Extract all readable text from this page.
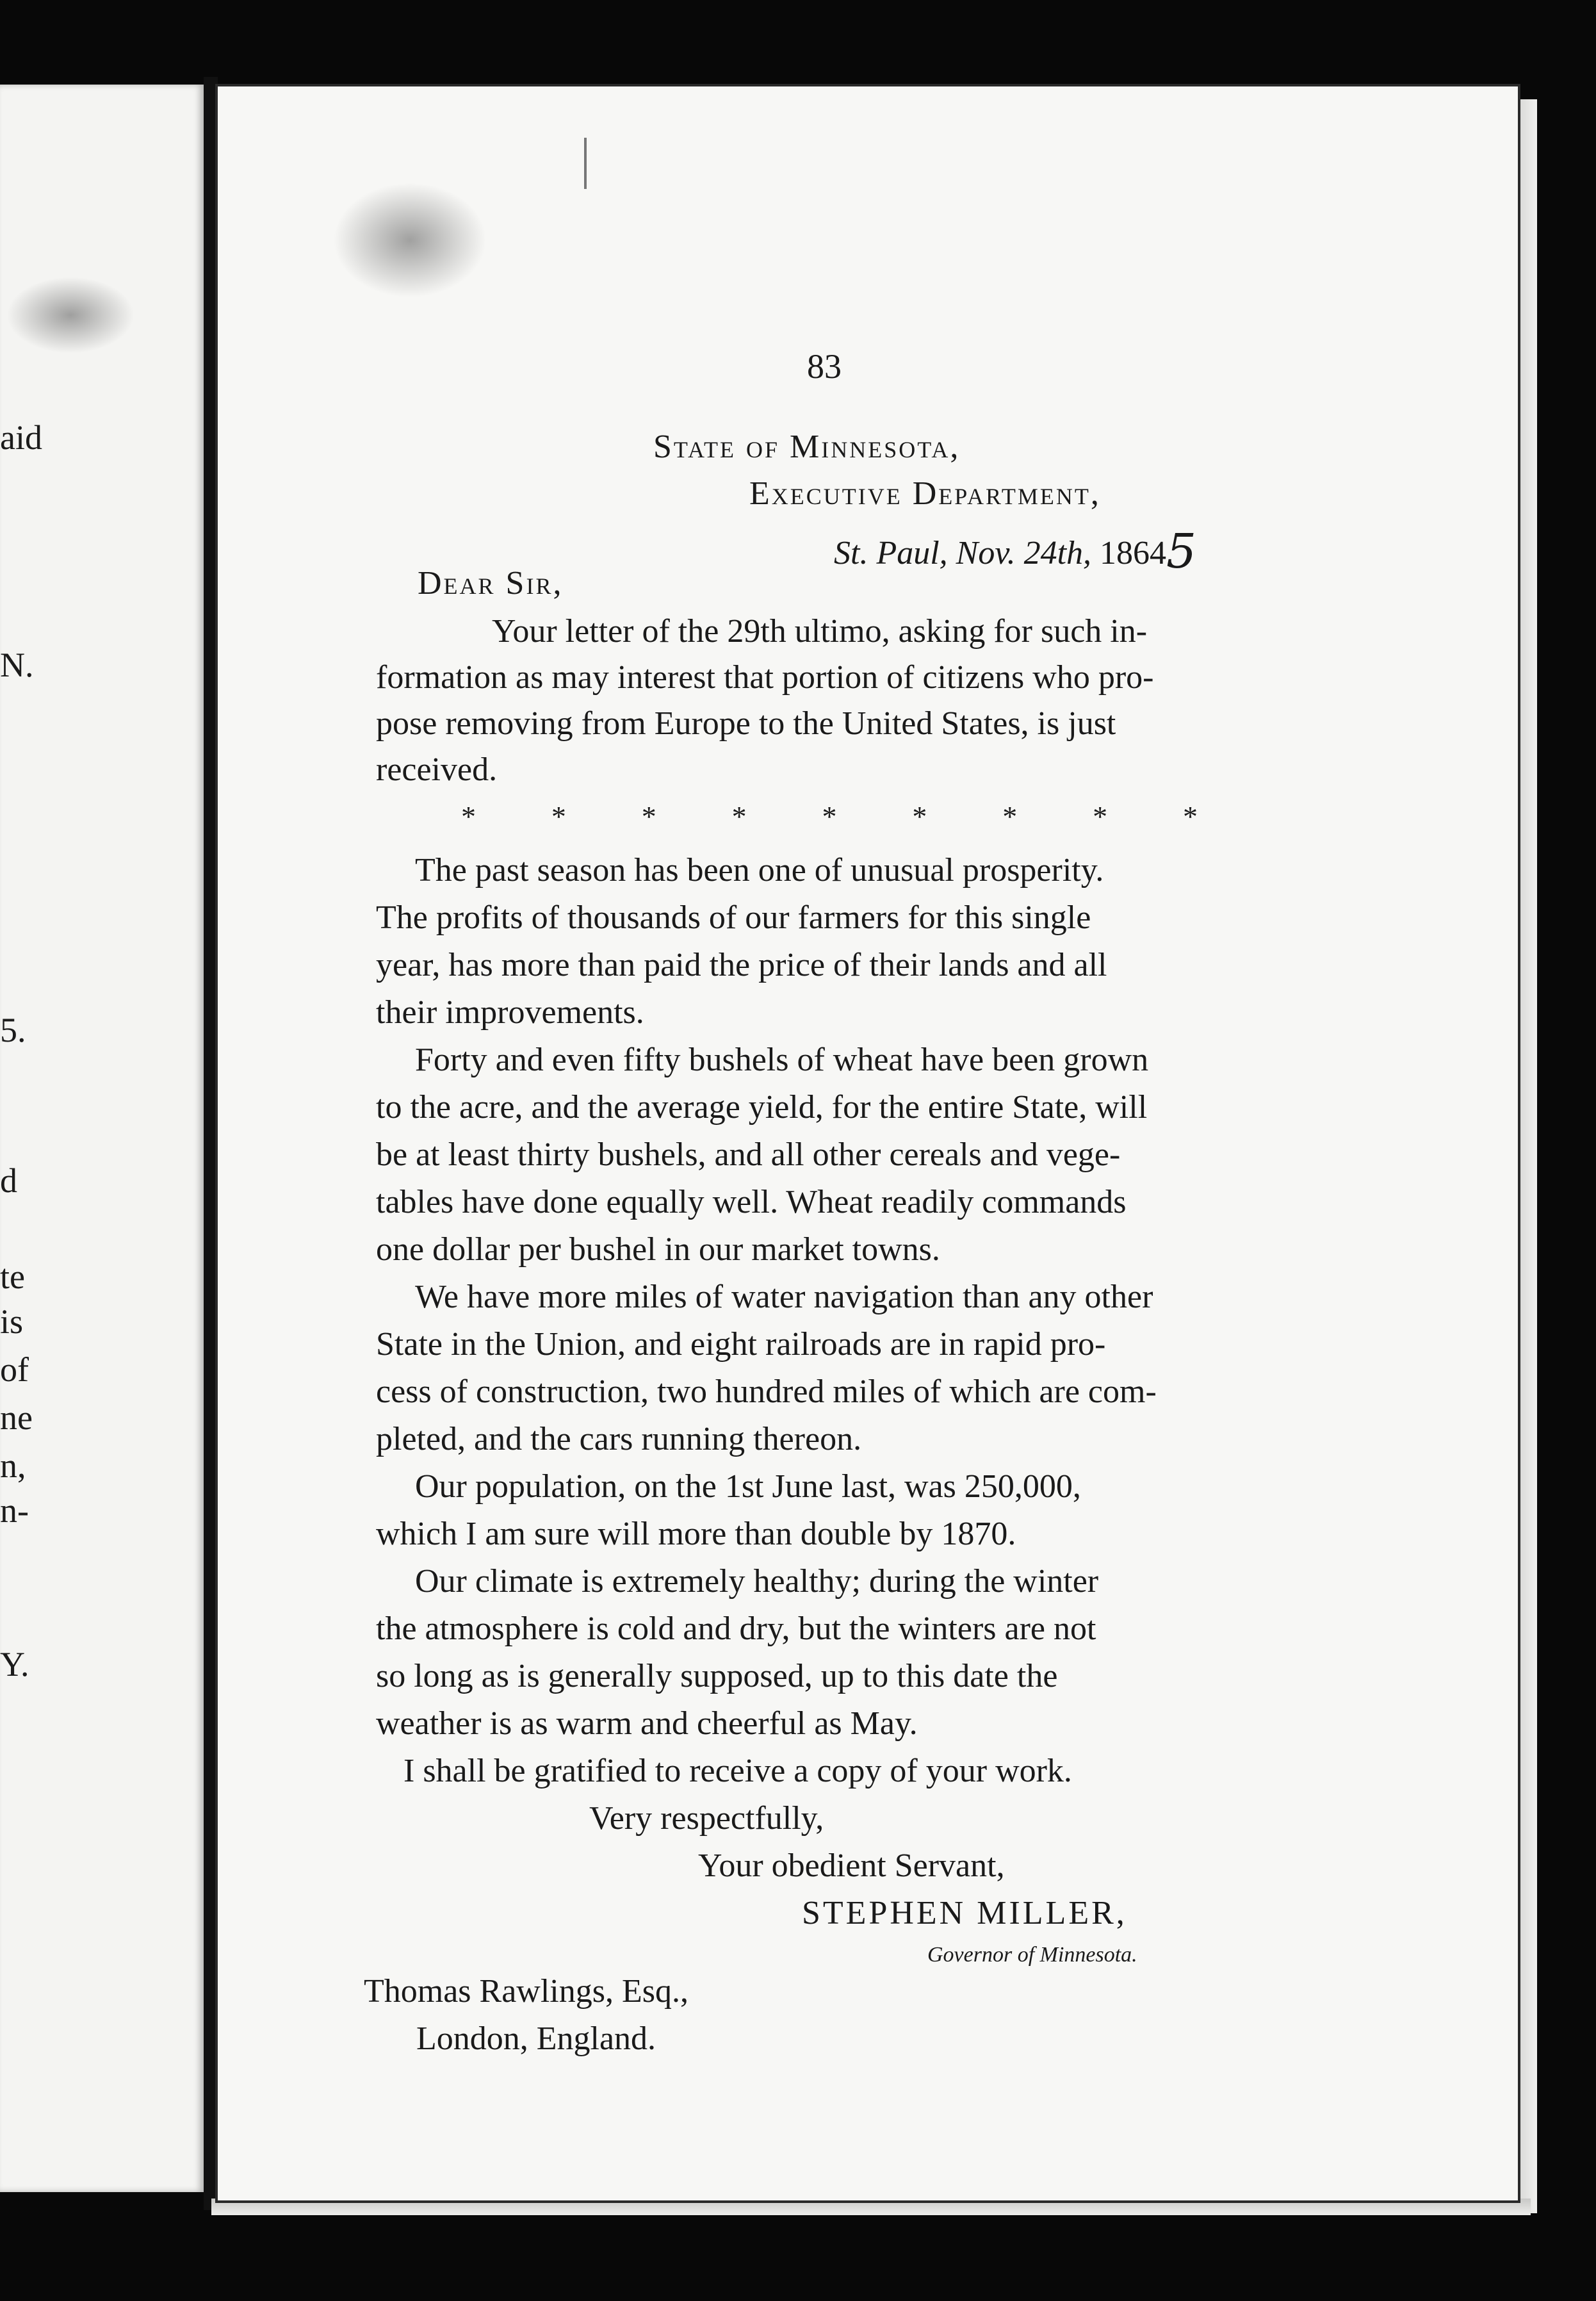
aid
N.
5.
d
te
is
of
ne
n,
n-
Y.
83
State of Minnesota,
Executive Department,
St. Paul, Nov. 24th, 18645
Dear Sir,
Your letter of the 29th ultimo, asking for such in-
formation as may interest that portion of citizens who pro-
pose removing from Europe to the United States, is just
received.
*	*	*	*	*	*	*	*	*
The past season has been one of unusual prosperity.
The profits of thousands of our farmers for this single
year, has more than paid the price of their lands and all
their improvements.
Forty and even fifty bushels of wheat have been grown
to the acre, and the average yield, for the entire State, will
be at least thirty bushels, and all other cereals and vege-
tables have done equally well. Wheat readily commands
one dollar per bushel in our market towns.
We have more miles of water navigation than any other
State in the Union, and eight railroads are in rapid pro-
cess of construction, two hundred miles of which are com-
pleted, and the cars running thereon.
Our population, on the 1st June last, was 250,000,
which I am sure will more than double by 1870.
Our climate is extremely healthy; during the winter
the atmosphere is cold and dry, but the winters are not
so long as is generally supposed, up to this date the
weather is as warm and cheerful as May.
I shall be gratified to receive a copy of your work.
Very respectfully,
Your obedient Servant,
STEPHEN MILLER,
Governor of Minnesota.
Thomas Rawlings, Esq.,
London, England.
